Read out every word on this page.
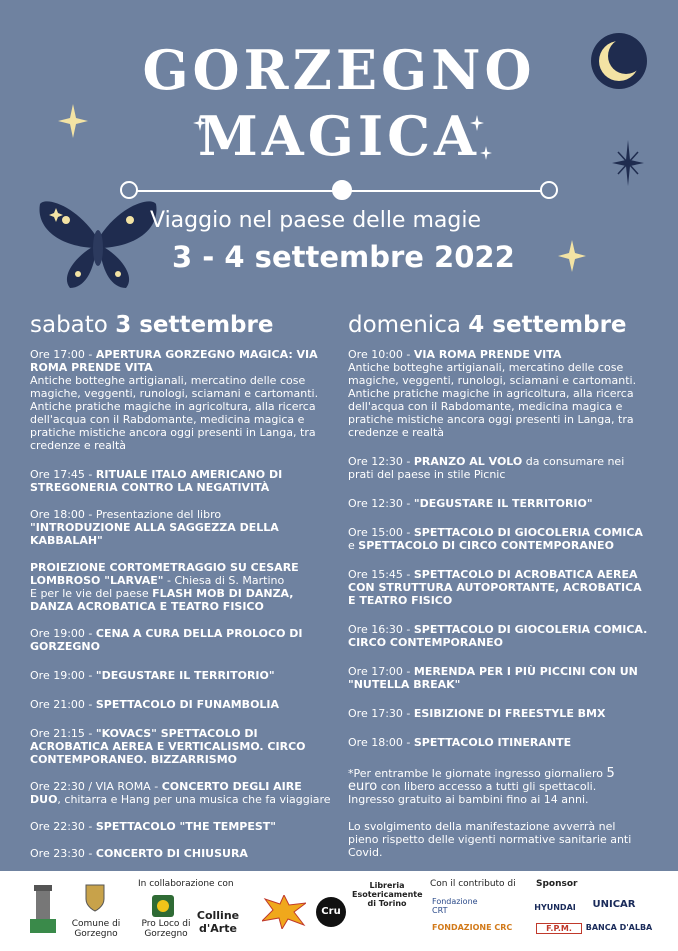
GORZEGNO
MAGICA
Viaggio nel paese delle magie
3 - 4 settembre 2022
sabato 3 settembre	domenica 4 settembre
Ore 17:00 - APERTURA GORZEGNO MAGICA: VIA ROMA PRENDE VITA
Antiche botteghe artigianali, mercatino delle cose magiche, veggenti, runologi, sciamani e cartomanti. Antiche pratiche magiche in agricoltura, alla ricerca dell'acqua con il Rabdomante, medicina magica e pratiche mistiche ancora oggi presenti in Langa, tra credenze e realtà
Ore 17:45 - RITUALE ITALO AMERICANO DI STREGONERIA CONTRO LA NEGATIVITÀ
Ore 18:00 - Presentazione del libro
"INTRODUZIONE ALLA SAGGEZZA DELLA KABBALAH"
PROIEZIONE CORTOMETRAGGIO SU CESARE LOMBROSO "LARVAE" - Chiesa di S. Martino
E per le vie del paese FLASH MOB DI DANZA, DANZA ACROBATICA E TEATRO FISICO
Ore 19:00 - CENA A CURA DELLA PROLOCO DI GORZEGNO
Ore 19:00 - "DEGUSTARE IL TERRITORIO"
Ore 21:00 - SPETTACOLO DI FUNAMBOLIA
Ore 21:15 - "KOVACS" SPETTACOLO DI ACROBATICA AEREA E VERTICALISMO. CIRCO CONTEMPORANEO. BIZZARRISMO
Ore 22:30 / VIA ROMA - CONCERTO DEGLI AIRE DUO, chitarra e Hang per una musica che fa viaggiare
Ore 22:30 - SPETTACOLO "THE TEMPEST"
Ore 23:30 - CONCERTO DI CHIUSURA
Ore 10:00 - VIA ROMA PRENDE VITA
Antiche botteghe artigianali, mercatino delle cose magiche, veggenti, runologi, sciamani e cartomanti. Antiche pratiche magiche in agricoltura, alla ricerca dell'acqua con il Rabdomante, medicina magica e pratiche mistiche ancora oggi presenti in Langa, tra credenze e realtà
Ore 12:30 - PRANZO AL VOLO da consumare nei prati del paese in stile Picnic
Ore 12:30 - "DEGUSTARE IL TERRITORIO"
Ore 15:00 - SPETTACOLO DI GIOCOLERIA COMICA e SPETTACOLO DI CIRCO CONTEMPORANEO
Ore 15:45 - SPETTACOLO DI ACROBATICA AEREA CON STRUTTURA AUTOPORTANTE, ACROBATICA E TEATRO FISICO
Ore 16:30 - SPETTACOLO DI GIOCOLERIA COMICA. CIRCO CONTEMPORANEO
Ore 17:00 - MERENDA PER I PIÙ PICCINI CON UN "NUTELLA BREAK"
Ore 17:30 - ESIBIZIONE DI FREESTYLE BMX
Ore 18:00 - SPETTACOLO ITINERANTE
*Per entrambe le giornate ingresso giornaliero 5 euro con libero accesso a tutti gli spettacoli.
Ingresso gratuito ai bambini fino ai 14 anni.
Lo svolgimento della manifestazione avverrà nel pieno rispetto delle vigenti normative sanitarie anti Covid.
Comune di Gorzegno
In collaborazione con
Pro Loco di Gorzegno
Colline d'Arte
Cru
Libreria Esotericamente di Torino
Con il contributo di
Fondazione CRT
FONDAZIONE CRC
Sponsor
HYUNDAI	UNICAR
F.P.M.	BANCA D'ALBA
